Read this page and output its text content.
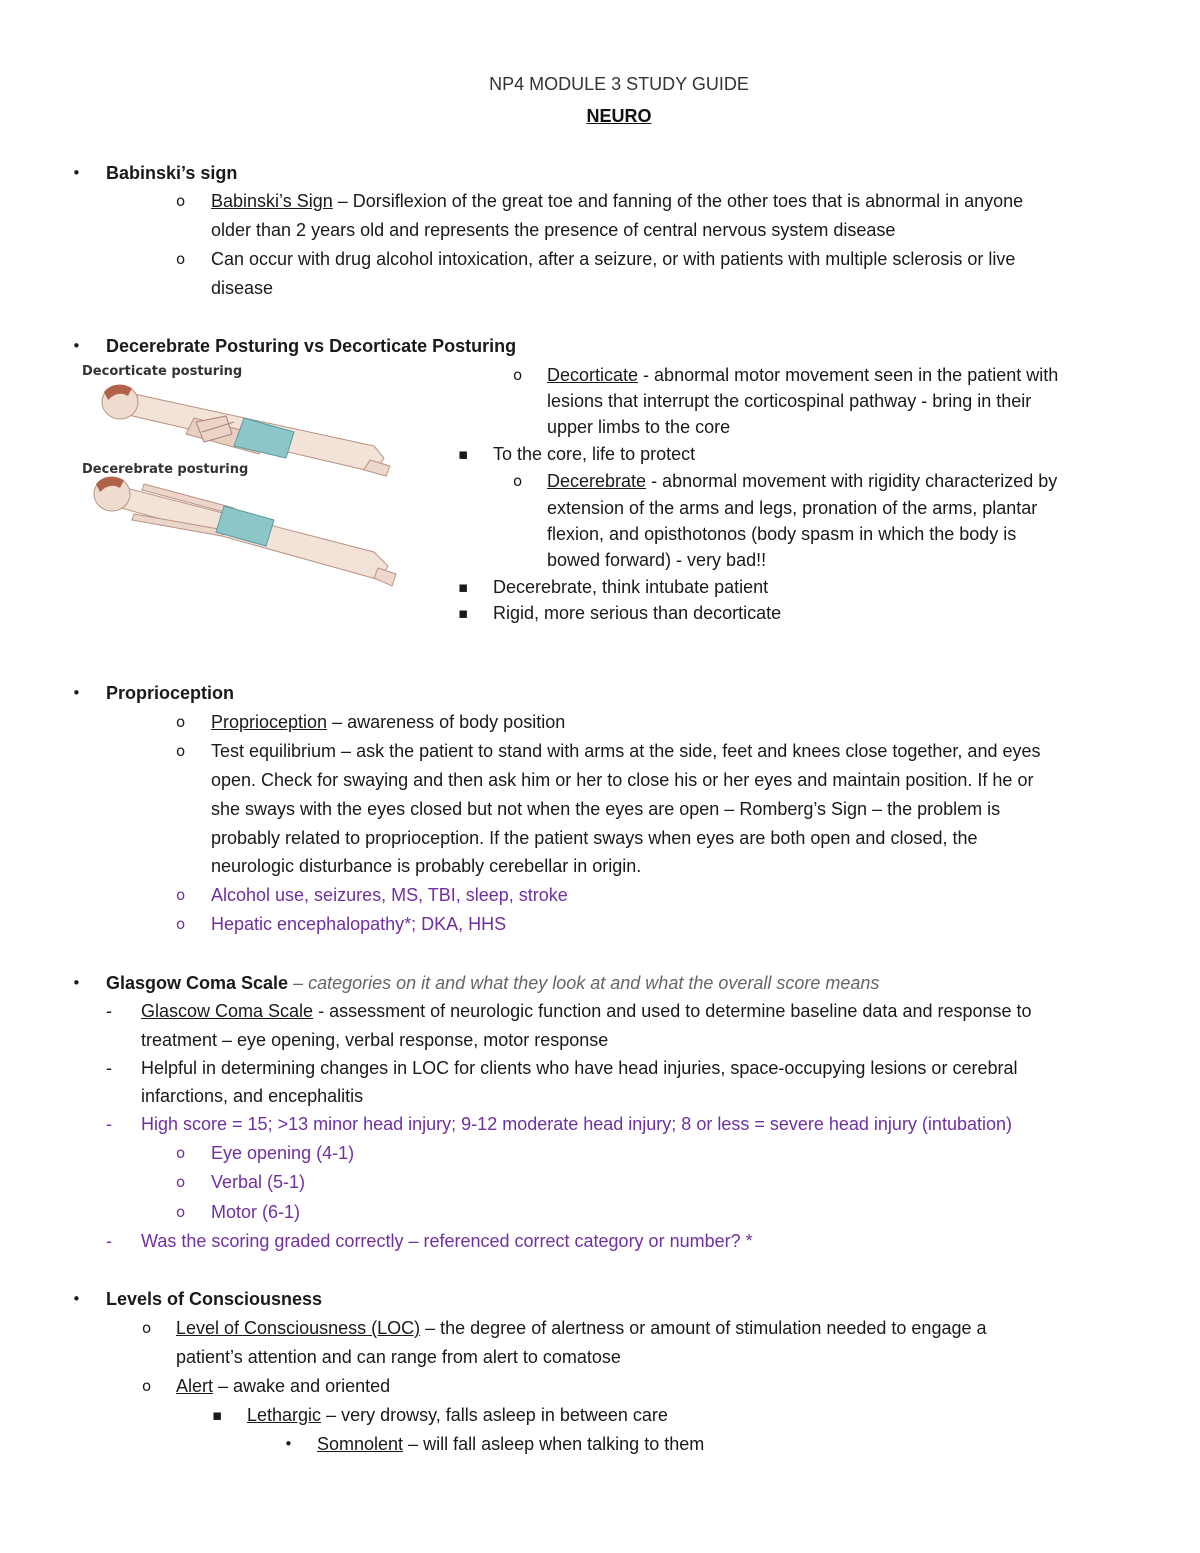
NP4 MODULE 3 STUDY GUIDE
NEURO
• Babinski’s sign
o Babinski’s Sign – Dorsiflexion of the great toe and fanning of the other toes that is abnormal in anyone
older than 2 years old and represents the presence of central nervous system disease
o Can occur with drug alcohol intoxication, after a seizure, or with patients with multiple sclerosis or live
disease
• Decerebrate Posturing vs Decorticate Posturing
Decorticate posturing
Decerebrate posturing
o Decorticate - abnormal motor movement seen in the patient with
lesions that interrupt the corticospinal pathway - bring in their
upper limbs to the core
▪ To the core, life to protect
o Decerebrate - abnormal movement with rigidity characterized by
extension of the arms and legs, pronation of the arms, plantar
flexion, and opisthotonos (body spasm in which the body is
bowed forward) - very bad!!
▪ Decerebrate, think intubate patient
▪ Rigid, more serious than decorticate
• Proprioception
o Proprioception – awareness of body position
o Test equilibrium – ask the patient to stand with arms at the side, feet and knees close together, and eyes
open. Check for swaying and then ask him or her to close his or her eyes and maintain position. If he or
she sways with the eyes closed but not when the eyes are open – Romberg’s Sign – the problem is
probably related to proprioception. If the patient sways when eyes are both open and closed, the
neurologic disturbance is probably cerebellar in origin.
o Alcohol use, seizures, MS, TBI, sleep, stroke
o Hepatic encephalopathy*; DKA, HHS
• Glasgow Coma Scale – categories on it and what they look at and what the overall score means
- Glascow Coma Scale - assessment of neurologic function and used to determine baseline data and response to
treatment – eye opening, verbal response, motor response
- Helpful in determining changes in LOC for clients who have head injuries, space-occupying lesions or cerebral
infarctions, and encephalitis
- High score = 15; >13 minor head injury; 9-12 moderate head injury; 8 or less = severe head injury (intubation)
o Eye opening (4-1)
o Verbal (5-1)
o Motor (6-1)
- Was the scoring graded correctly – referenced correct category or number? *
• Levels of Consciousness
o Level of Consciousness (LOC) – the degree of alertness or amount of stimulation needed to engage a
patient’s attention and can range from alert to comatose
o Alert – awake and oriented
▪ Lethargic – very drowsy, falls asleep in between care
• Somnolent – will fall asleep when talking to them
